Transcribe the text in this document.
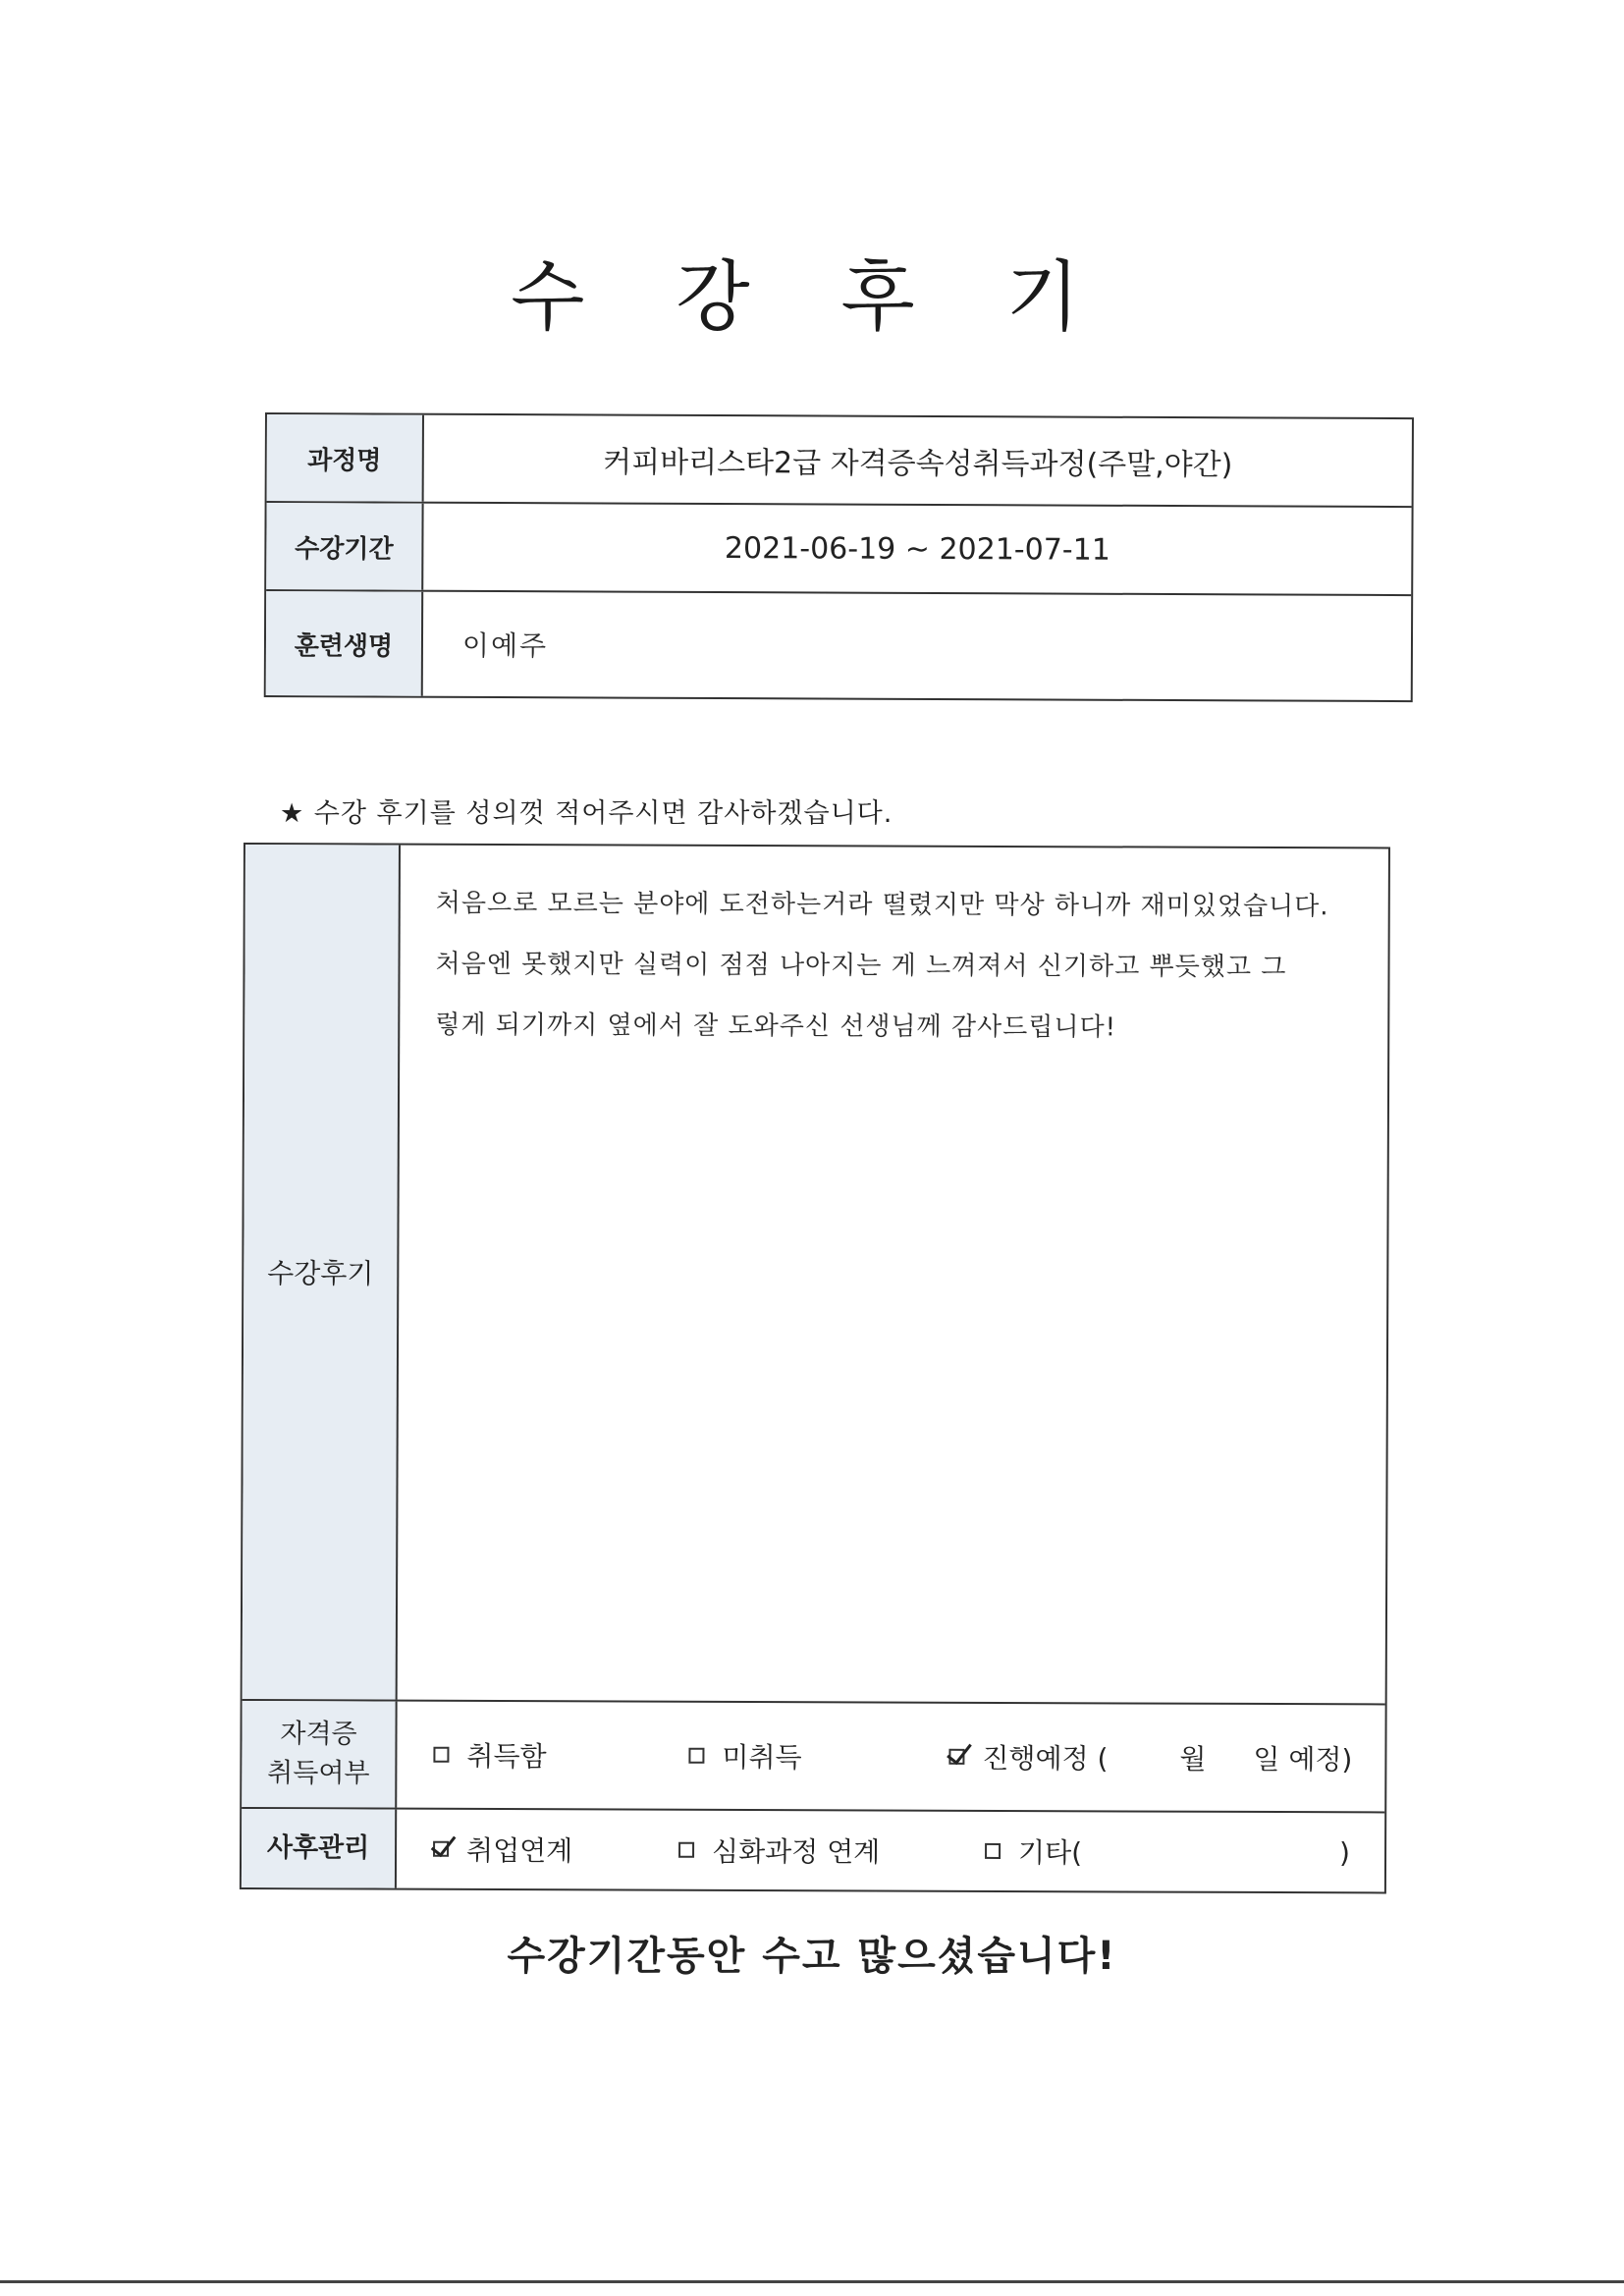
수 강 후 기
과정명	커피바리스타2급 자격증속성취득과정(주말,야간)
수강기간	2021-06-19 ~ 2021-07-11
훈련생명	이예주
★ 수강 후기를 성의껏 적어주시면 감사하겠습니다.
수강후기
처음으로 모르는 분야에 도전하는거라 떨렸지만 막상 하니까 재미있었습니다.
처음엔 못했지만 실력이 점점 나아지는 게 느껴져서 신기하고 뿌듯했고 그
렇게 되기까지 옆에서 잘 도와주신 선생님께 감사드립니다!
자격증
취득여부
취득함	미취득	진행예정 (	월 일 예정)
사후관리	취업연계	심화과정 연계	기타(	)
수강기간동안 수고 많으셨습니다!
